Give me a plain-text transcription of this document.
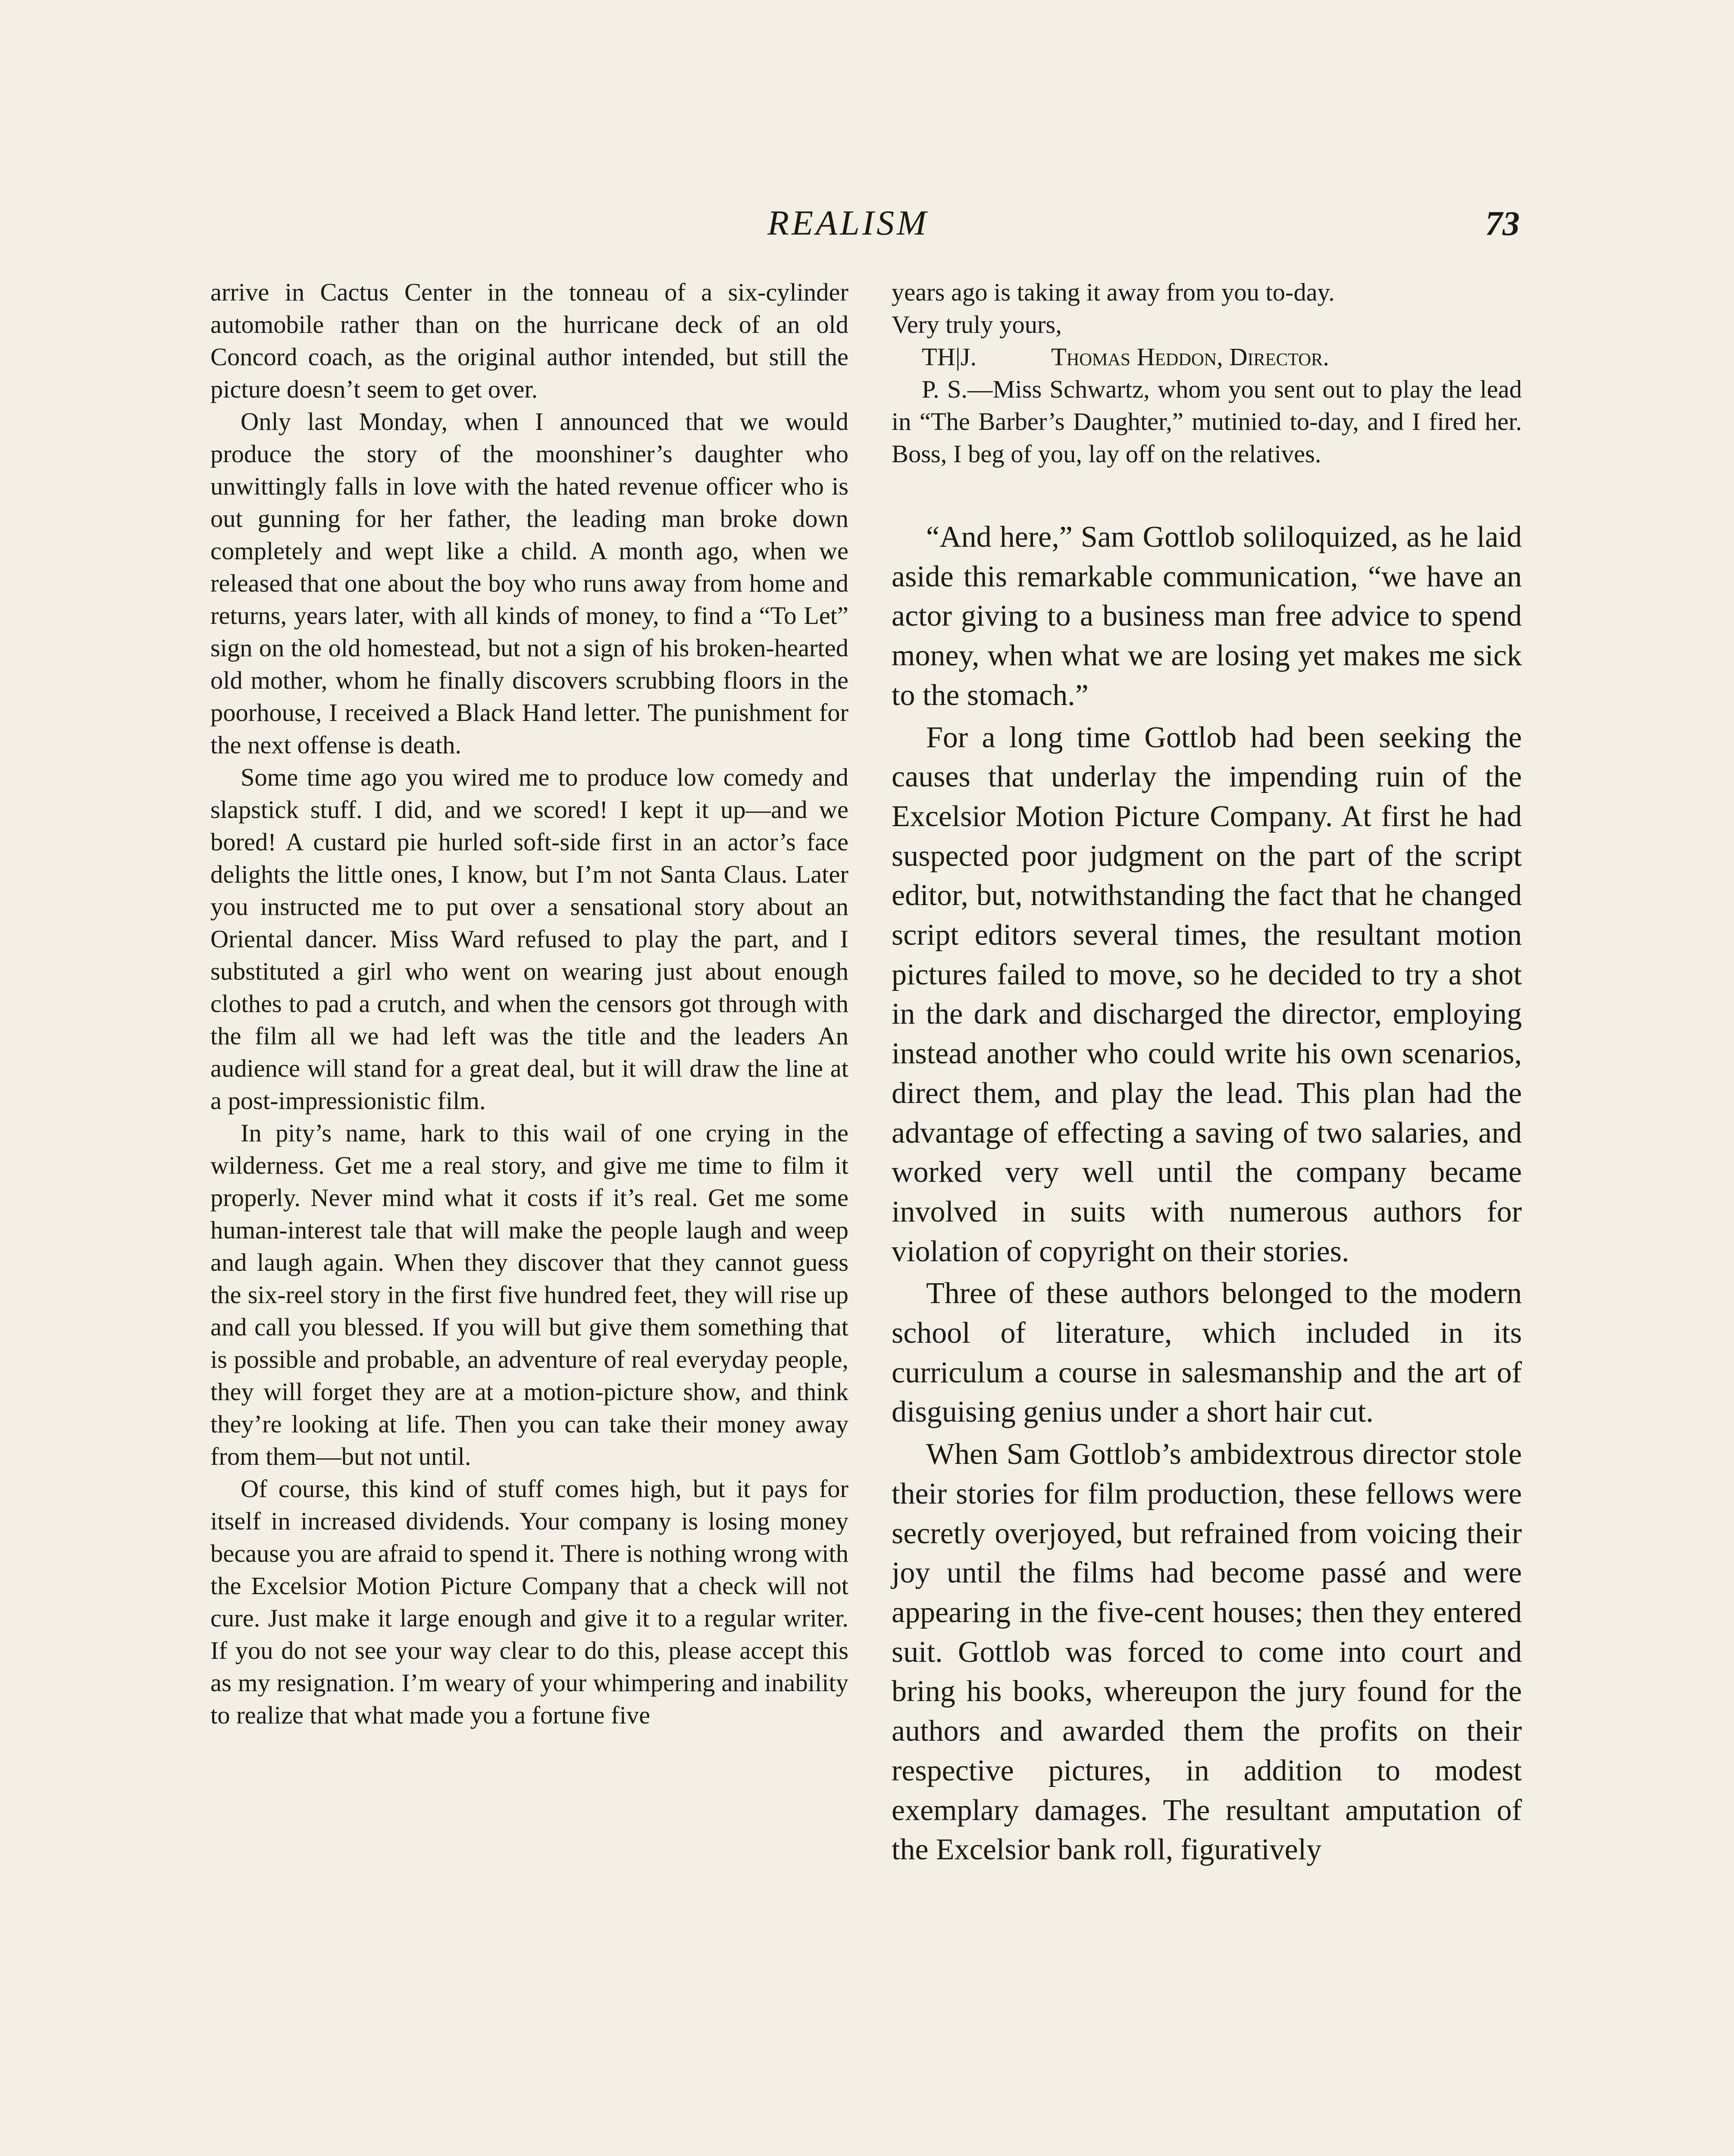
REALISM	73

arrive in Cactus Center in the tonneau of a six-cylinder automobile rather than on the hurricane deck of an old Concord coach, as the original author intended, but still the picture doesn’t seem to get over.

Only last Monday, when I announced that we would produce the story of the moonshiner’s daughter who unwittingly falls in love with the hated revenue officer who is out gunning for her father, the leading man broke down completely and wept like a child. A month ago, when we released that one about the boy who runs away from home and returns, years later, with all kinds of money, to find a “To Let” sign on the old homestead, but not a sign of his broken-hearted old mother, whom he finally discovers scrubbing floors in the poorhouse, I received a Black Hand letter. The punishment for the next offense is death.

Some time ago you wired me to produce low comedy and slapstick stuff. I did, and we scored! I kept it up—and we bored! A custard pie hurled soft-side first in an actor’s face delights the little ones, I know, but I’m not Santa Claus. Later you instructed me to put over a sensational story about an Oriental dancer. Miss Ward refused to play the part, and I substituted a girl who went on wearing just about enough clothes to pad a crutch, and when the censors got through with the film all we had left was the title and the leaders An audience will stand for a great deal, but it will draw the line at a post-impressionistic film.

In pity’s name, hark to this wail of one crying in the wilderness. Get me a real story, and give me time to film it properly. Never mind what it costs if it’s real. Get me some human-interest tale that will make the people laugh and weep and laugh again. When they discover that they cannot guess the six-reel story in the first five hundred feet, they will rise up and call you blessed. If you will but give them something that is possible and probable, an adventure of real everyday people, they will forget they are at a motion-picture show, and think they’re looking at life. Then you can take their money away from them—but not until.

Of course, this kind of stuff comes high, but it pays for itself in increased dividends. Your company is losing money because you are afraid to spend it. There is nothing wrong with the Excelsior Motion Picture Company that a check will not cure. Just make it large enough and give it to a regular writer. If you do not see your way clear to do this, please accept this as my resignation. I’m weary of your whimpering and inability to realize that what made you a fortune five

years ago is taking it away from you to-day.

Very truly yours,

TH|J.	Thomas Heddon, Director.

P. S.—Miss Schwartz, whom you sent out to play the lead in “The Barber’s Daughter,” mutinied to-day, and I fired her. Boss, I beg of you, lay off on the relatives.

“And here,” Sam Gottlob soliloquized, as he laid aside this remarkable communication, “we have an actor giving to a business man free advice to spend money, when what we are losing yet makes me sick to the stomach.”

For a long time Gottlob had been seeking the causes that underlay the impending ruin of the Excelsior Motion Picture Company. At first he had suspected poor judgment on the part of the script editor, but, notwithstanding the fact that he changed script editors several times, the resultant motion pictures failed to move, so he decided to try a shot in the dark and discharged the director, employing instead another who could write his own scenarios, direct them, and play the lead. This plan had the advantage of effecting a saving of two salaries, and worked very well until the company became involved in suits with numerous authors for violation of copyright on their stories.

Three of these authors belonged to the modern school of literature, which included in its curriculum a course in salesmanship and the art of disguising genius under a short hair cut.

When Sam Gottlob’s ambidextrous director stole their stories for film production, these fellows were secretly overjoyed, but refrained from voicing their joy until the films had become passé and were appearing in the five-cent houses; then they entered suit. Gottlob was forced to come into court and bring his books, whereupon the jury found for the authors and awarded them the profits on their respective pictures, in addition to modest exemplary damages. The resultant amputation of the Excelsior bank roll, figuratively
